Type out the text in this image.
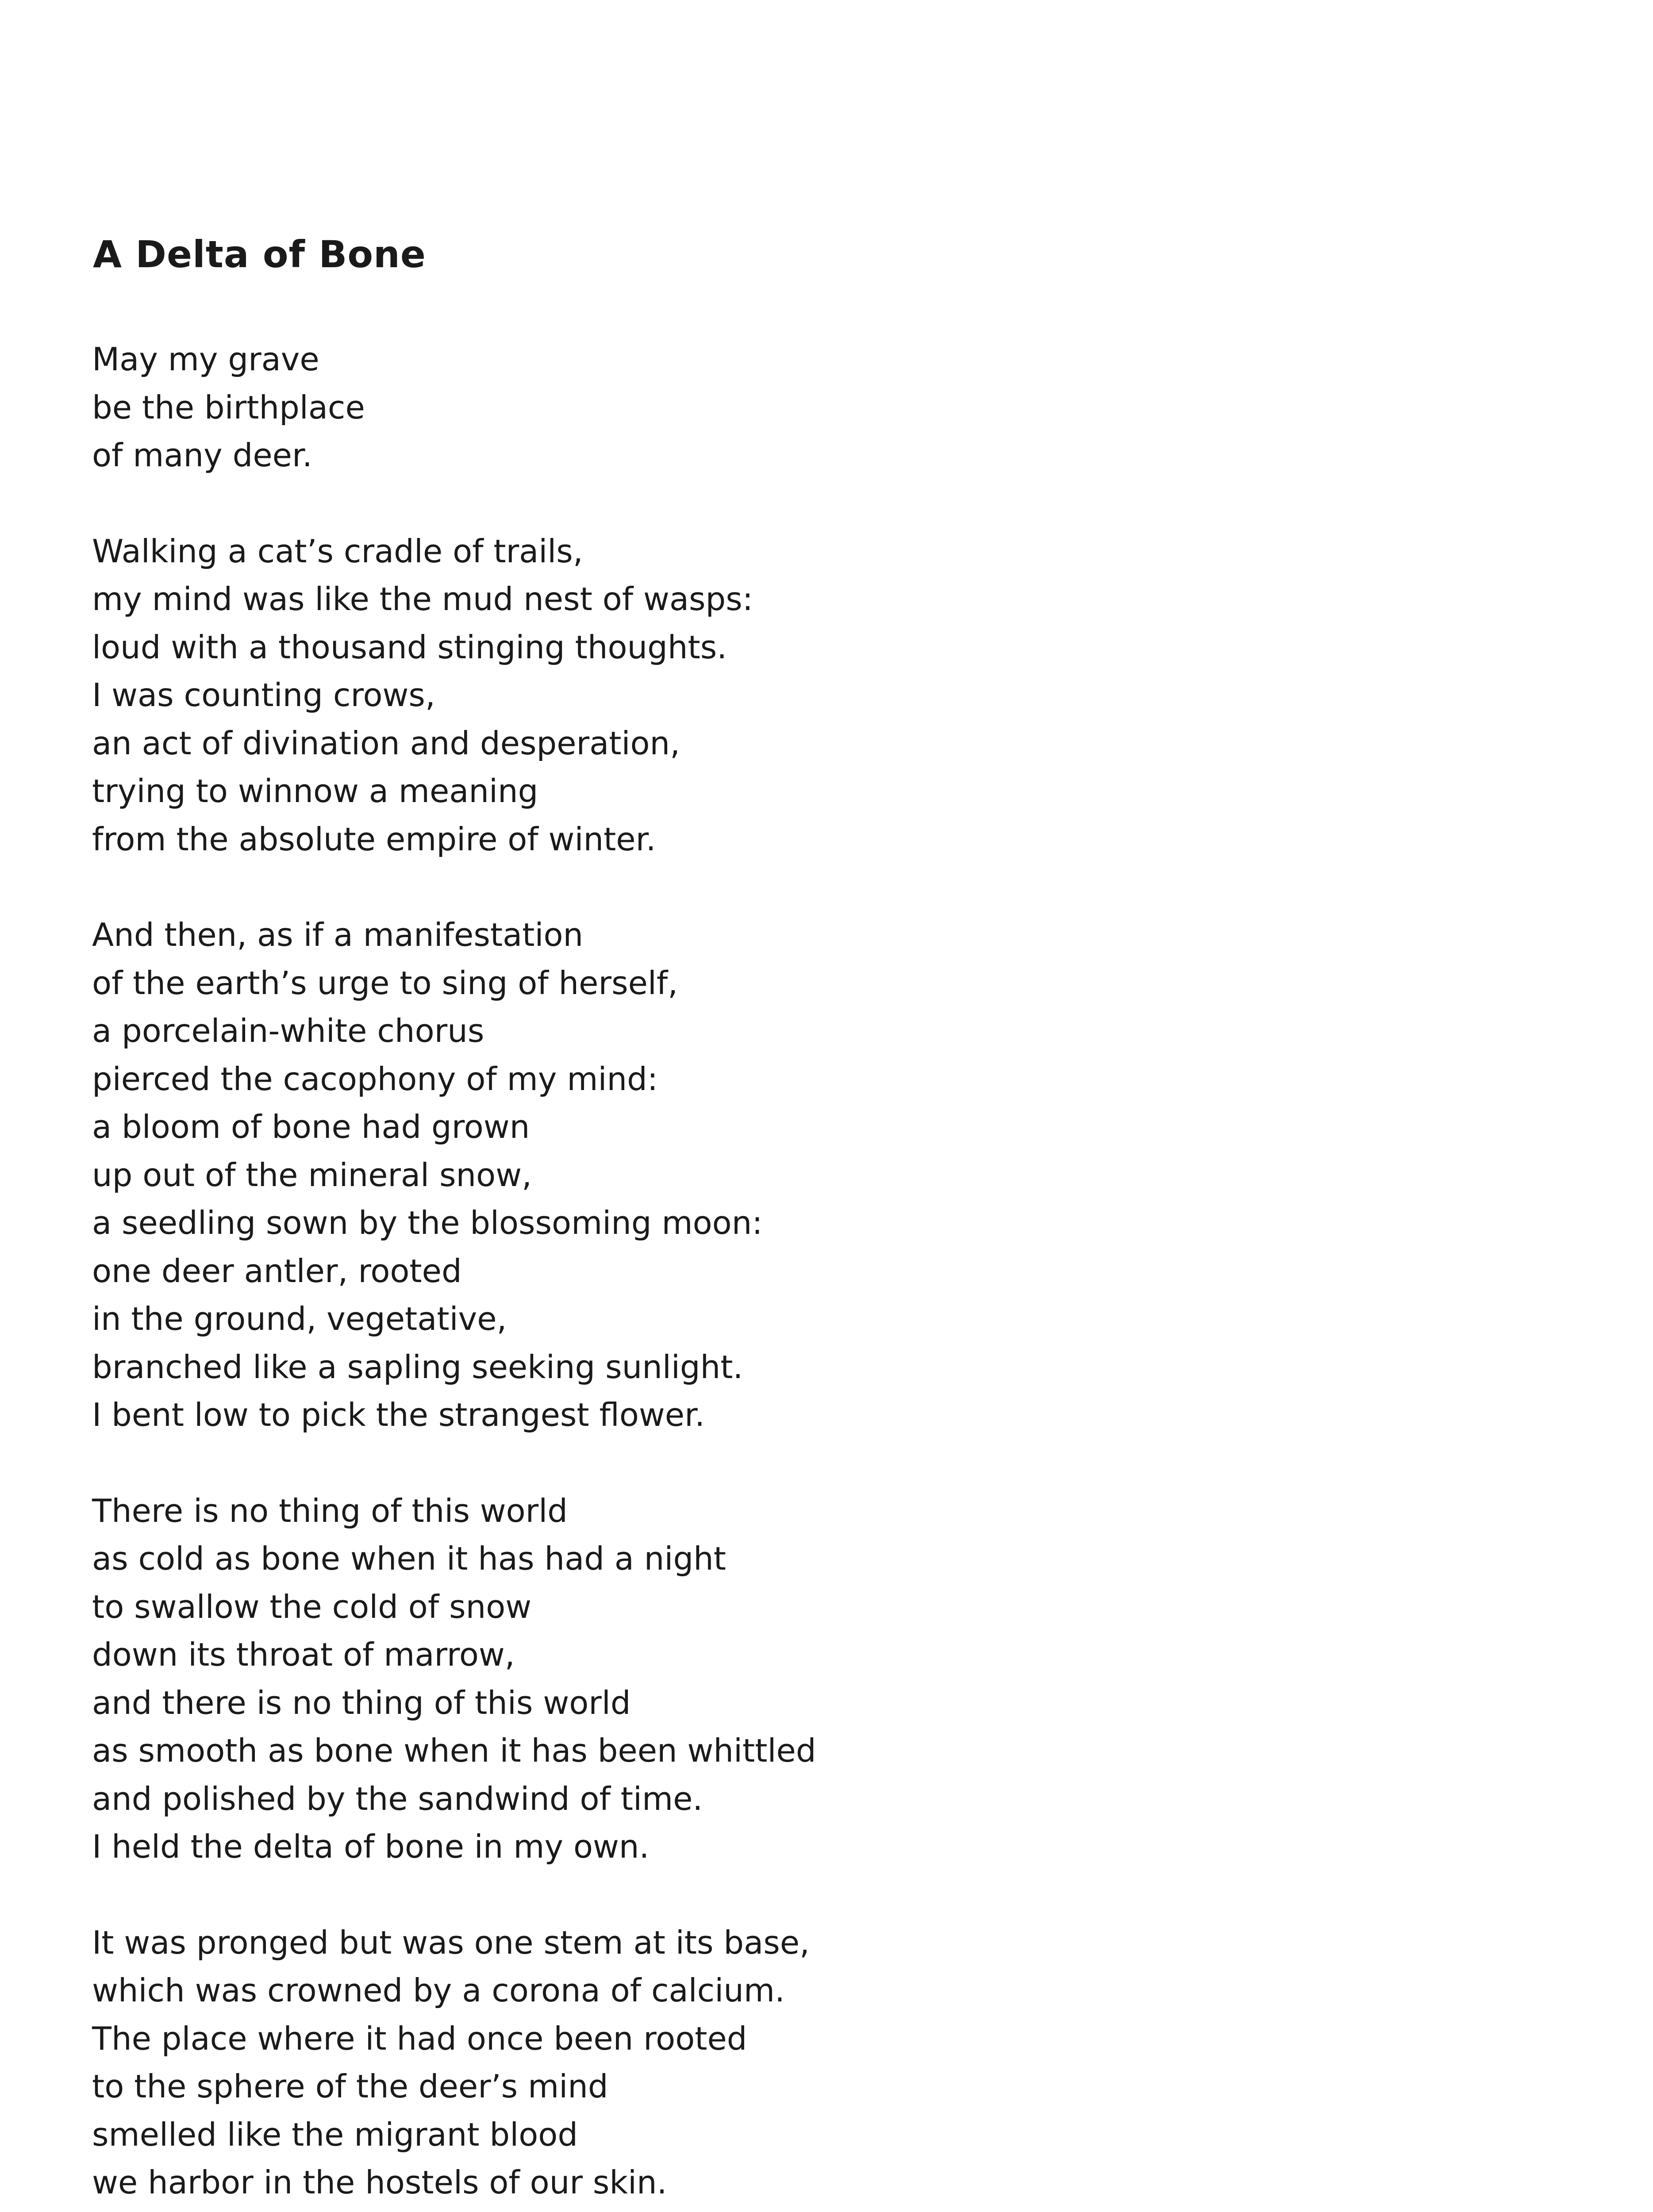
A Delta of Bone
May my grave
be the birthplace
of many deer.
Walking a cat’s cradle of trails,
my mind was like the mud nest of wasps:
loud with a thousand stinging thoughts.
I was counting crows,
an act of divination and desperation,
trying to winnow a meaning
from the absolute empire of winter.
And then, as if a manifestation
of the earth’s urge to sing of herself,
a porcelain-white chorus
pierced the cacophony of my mind:
a bloom of bone had grown
up out of the mineral snow,
a seedling sown by the blossoming moon:
one deer antler, rooted
in the ground, vegetative,
branched like a sapling seeking sunlight.
I bent low to pick the strangest flower.
There is no thing of this world
as cold as bone when it has had a night
to swallow the cold of snow
down its throat of marrow,
and there is no thing of this world
as smooth as bone when it has been whittled
and polished by the sandwind of time.
I held the delta of bone in my own.
It was pronged but was one stem at its base,
which was crowned by a corona of calcium.
The place where it had once been rooted
to the sphere of the deer’s mind
smelled like the migrant blood
we harbor in the hostels of our skin.
